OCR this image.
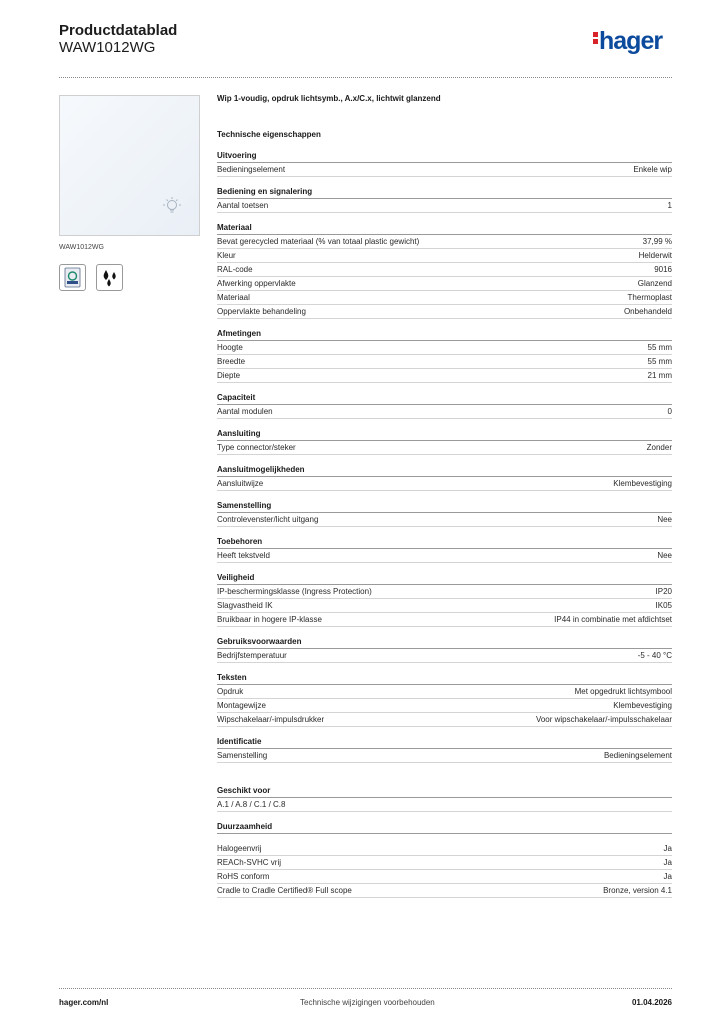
Productdatablad
WAW1012WG	hager
WAW1012WG
Wip 1-voudig, opdruk lichtsymb., A.x/C.x, lichtwit glanzend
Technische eigenschappen
Uitvoering
Bedieningselement	Enkele wip
Bediening en signalering
Aantal toetsen	1
Materiaal
Bevat gerecycled materiaal (% van totaal plastic gewicht)	37,99 %
Kleur	Helderwit
RAL-code	9016
Afwerking oppervlakte	Glanzend
Materiaal	Thermoplast
Oppervlakte behandeling	Onbehandeld
Afmetingen
Hoogte	55 mm
Breedte	55 mm
Diepte	21 mm
Capaciteit
Aantal modulen	0
Aansluiting
Type connector/steker	Zonder
Aansluitmogelijkheden
Aansluitwijze	Klembevestiging
Samenstelling
Controlevenster/licht uitgang	Nee
Toebehoren
Heeft tekstveld	Nee
Veiligheid
IP-beschermingsklasse (Ingress Protection)	IP20
Slagvastheid IK	IK05
Bruikbaar in hogere IP-klasse	IP44 in combinatie met afdichtset
Gebruiksvoorwaarden
Bedrijfstemperatuur	-5 - 40 °C
Teksten
Opdruk	Met opgedrukt lichtsymbool
Montagewijze	Klembevestiging
Wipschakelaar/-impulsdrukker	Voor wipschakelaar/-impulsschakelaar
Identificatie
Samenstelling	Bedieningselement
Geschikt voor
A.1 / A.8 / C.1 / C.8
Duurzaamheid
Halogeenvrij	Ja
REACh-SVHC vrij	Ja
RoHS conform	Ja
Cradle to Cradle Certified® Full scope	Bronze, version 4.1
hager.com/nl	Technische wijzigingen voorbehouden	01.04.2026
